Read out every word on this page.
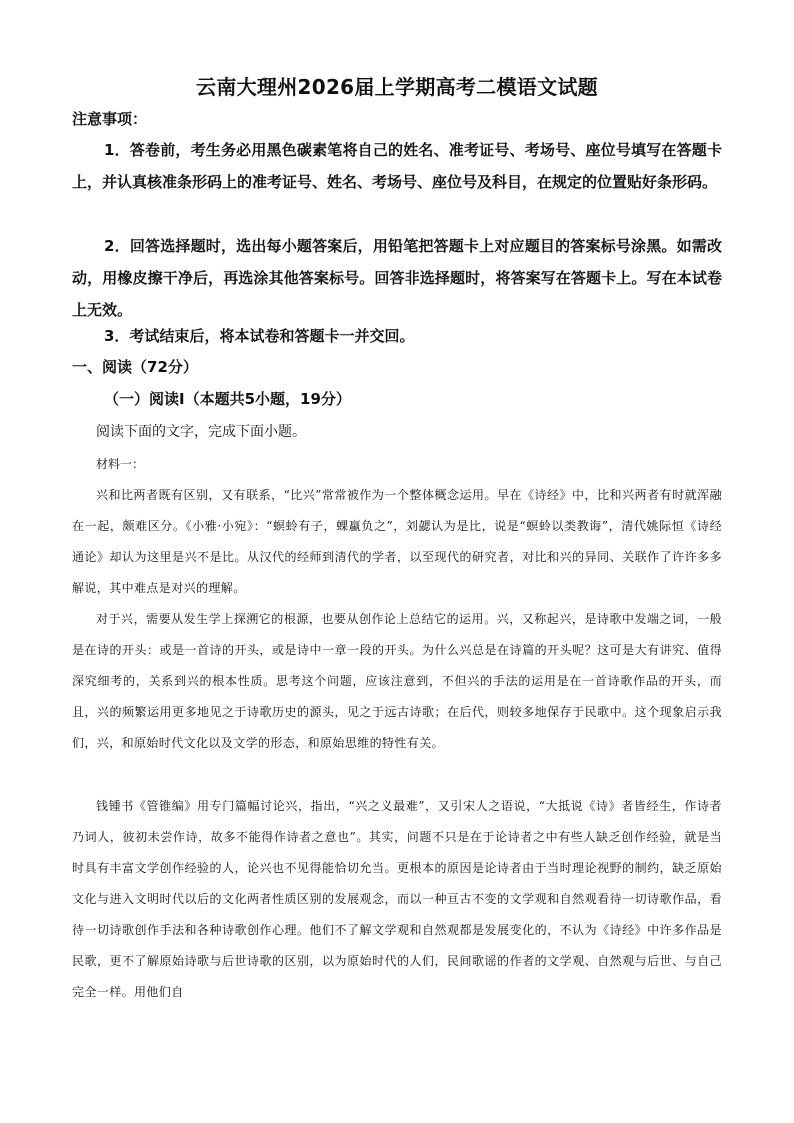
云南大理州2026届上学期高考二模语文试题
注意事项：

1．答卷前，考生务必用黑色碳素笔将自己的姓名、准考证号、考场号、座位号填写在答题卡上，并认真核准条形码上的准考证号、姓名、考场号、座位号及科目，在规定的位置贴好条形码。

2．回答选择题时，选出每小题答案后，用铅笔把答题卡上对应题目的答案标号涂黑。如需改动，用橡皮擦干净后，再选涂其他答案标号。回答非选择题时，将答案写在答题卡上。写在本试卷上无效。

3．考试结束后，将本试卷和答题卡一并交回。

一、阅读（72分）
（一）阅读Ⅰ（本题共5小题，19分）
阅读下面的文字，完成下面小题。
材料一：

兴和比两者既有区别，又有联系，“比兴”常常被作为一个整体概念运用。早在《诗经》中，比和兴两者有时就浑融在一起，颇难区分。《小雅·小宛》：“螟蛉有子，蜾蠃负之”，刘勰认为是比，说是“螟蛉以类教诲”，清代姚际恒《诗经通论》却认为这里是兴不是比。从汉代的经师到清代的学者，以至现代的研究者，对比和兴的异同、关联作了许许多多解说，其中难点是对兴的理解。

对于兴，需要从发生学上探溯它的根源，也要从创作论上总结它的运用。兴，又称起兴，是诗歌中发端之词，一般是在诗的开头：或是一首诗的开头，或是诗中一章一段的开头。为什么兴总是在诗篇的开头呢？这可是大有讲究、值得深究细考的，关系到兴的根本性质。思考这个问题，应该注意到，不但兴的手法的运用是在一首诗歌作品的开头，而且，兴的频繁运用更多地见之于诗歌历史的源头，见之于远古诗歌；在后代，则较多地保存于民歌中。这个现象启示我们，兴，和原始时代文化以及文学的形态，和原始思维的特性有关。

钱锺书《管锥编》用专门篇幅讨论兴，指出，“兴之义最难”，又引宋人之语说，“大抵说《诗》者皆经生，作诗者乃词人，彼初未尝作诗，故多不能得作诗者之意也”。其实，问题不只是在于论诗者之中有些人缺乏创作经验，就是当时具有丰富文学创作经验的人，论兴也不见得能恰切允当。更根本的原因是论诗者由于当时理论视野的制约，缺乏原始文化与进入文明时代以后的文化两者性质区别的发展观念，而以一种亘古不变的文学观和自然观看待一切诗歌作品，看待一切诗歌创作手法和各种诗歌创作心理。他们不了解文学观和自然观都是发展变化的，不认为《诗经》中许多作品是民歌，更不了解原始诗歌与后世诗歌的区别，以为原始时代的人们，民间歌谣的作者的文学观、自然观与后世、与自己完全一样。用他们自
